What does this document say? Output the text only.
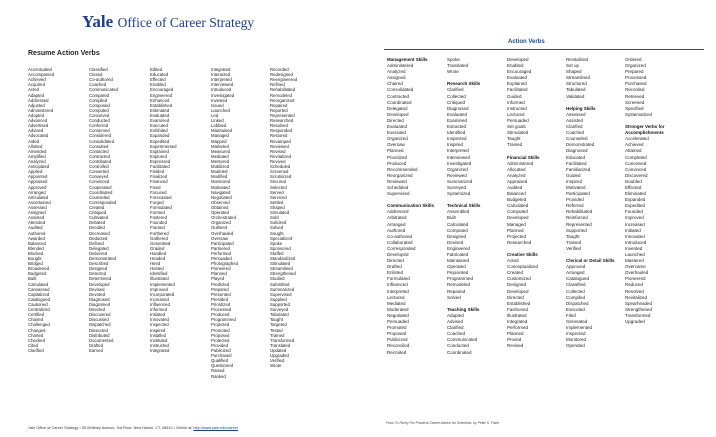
Yale Office of Career Strategy
Resume Action Verbs
Accentuated
Accompanied
Achieved
Acquired
Acted
Adapted
Addressed
Adjusted
Administered
Adopted
Advanced
Advertised
Advised
Advocated
Aided
Allotted
Amended
Amplified
Analyzed
Anticipated
Applied
Appointed
Appraised
Approved
Arranged
Articulated
Ascertained
Assessed
Assigned
Assisted
Attended
Audited
Authored
Awarded
Balanced
Blended
Blocked
Bought
Bridged
Broadened
Budgeted
Built
Calculated
Canvassed
Capitalized
Catalogued
Cautioned
Centralized
Certified
Chaired
Challenged
Changed
Charted
Checked
Cited
Clarified
Classified
Closed
Co-authored
Coached
Communicated
Compared
Compiled
Composed
Computed
Conceived
Conducted
Conferred
Conserved
Considered
Consolidated
Consulted
Contacted
Contracted
Contributed
Controlled
Converted
Conveyed
Convinced
Cooperated
Coordinated
Counseled
Corresponded
Created
Critiqued
Cultivated
Debated
Decided
Decreased
Deducted
Defined
Delegated
Delivered
Demonstrated
Described
Designed
Detected
Determined
Developed
Devised
Devoted
Diagnosed
Diagramed
Directed
Discovered
Discussed
Dispatched
Dissected
Distributed
Documented
Drafted
Earned
Edited
Educated
Effected
Enabled
Encouraged
Engineered
Enhanced
Established
Estimated
Evaluated
Examined
Executed
Exhibited
Expanded
Expedited
Experimented
Explained
Explored
Expressed
Facilitated
Fielded
Finalized
Financed
Fixed
Focused
Forecasted
Forged
Formulated
Formed
Fostered
Founded
Framed
Furthered
Gathered
Generated
Graded
Handled
Headed
Hired
Hosted
Identified
Illustrated
Implemented
Improved
Incorporated
Increased
Influenced
Informed
Initiated
Innovated
Inspected
Inspired
Installed
Instituted
Instructed
Integrated
Integrated
Interacted
Interpreted
Interviewed
Introduced
Investigated
Invested
Issued
Launched
Led
Linked
Lobbied
Maintained
Managed
Mapped
Marketed
Measured
Mediated
Mentored
Mobilized
Modeled
Modified
Monitored
Motivated
Navigated
Negotiated
Observed
Obtained
Operated
Orchestrated
Organized
Outlined
Overhauled
Oversaw
Participated
Partnered
Performed
Persuaded
Photographed
Pioneered
Planned
Played
Predicted
Prepared
Presented
Presided
Prioritized
Processed
Produced
Programmed
Projected
Promoted
Proposed
Protected
Provided
Publicized
Purchased
Qualified
Questioned
Raised
Ranked
Recorded
Redesigned
Reengineered
Refined
Rehabilitated
Remodeled
Reorganized
Repaired
Reported
Represented
Researched
Resolved
Responded
Restored
Revamped
Reviewed
Revised
Revitalized
Revived
Scheduled
Screened
Scrutinized
Secured
Selected
Served
Serviced
Settled
Shaped
Simulated
Sold
Solicited
Solved
Sought
Specialized
Spoke
Sponsored
Staffed
Standardized
Stimulated
Streamlined
Strengthened
Studied
Submitted
Summarized
Supervised
Supplied
Supported
Surveyed
Tabulated
Taught
Targeted
Tested
Trained
Transformed
Translated
Updated
Upgraded
Verified
Wrote
Yale Office of Career Strategy • 55 Whitney Avenue, 3rd Floor, New Haven, CT, 06510 • Online at: http://www.yale.edu/career
Action Verbs
Management Skills
Administered
Analyzed
Assigned
Chaired
Consolidated
Contracted
Coordinated
Delegated
Developed
Directed
Evaluated
Executed
Organized
Oversaw
Planned
Prioritized
Produced
Recommended
Reorganized
Reviewed
Scheduled
Supervised
Communication Skills
Addressed
Arbitrated
Arranged
Authored
Co-authored
Collaborated
Corresponded
Developed
Directed
Drafted
Enlisted
Formulated
Influenced
Interpreted
Lectured
Mediated
Moderated
Negotiated
Persuaded
Promoted
Proposed
Publicized
Reconciled
Recruited
Spoke
Translated
Wrote
Research Skills
Clarified
Collected
Critiqued
Diagnosed
Evaluated
Examined
Extracted
Identified
Inspected
Inspired
Interpreted
Interviewed
Investigated
Organized
Reviewed
Summarized
Surveyed
Systemized
Technical Skills
Assembled
Built
Calculated
Computed
Designed
Devised
Engineered
Fabricated
Maintained
Operated
Pinpointed
Programmed
Remodeled
Repaired
Solved
Teaching Skills
Adapted
Advised
Clarified
Coached
Communicated
Conducted
Coordinated
Developed
Enabled
Encouraged
Evaluated
Explained
Facilitated
Guided
Informed
Instructed
Lectured
Persuaded
Set goals
Stimulated
Taught
Trained
Financial Skills
Administered
Allocated
Analyzed
Appraised
Audited
Balanced
Budgeted
Calculated
Computed
Developed
Managed
Planned
Projected
Researched
Creative Skills
Acted
Conceptualized
Created
Customized
Designed
Developed
Directed
Established
Fashioned
Illustrated
Integrated
Performed
Planned
Proved
Revised
Revitalized
Set up
Shaped
Streamlined
Structured
Tabulated
Validated
Helping Skills
Assessed
Assisted
Clarified
Coached
Counseled
Demonstrated
Diagnosed
Educated
Facilitated
Familiarized
Guided
Inspired
Motivated
Participated
Provided
Referred
Rehabilitated
Reinforced
Represented
Supported
Taught
Trained
Verified
Clerical or Detail Skills
Approved
Arranged
Catalogued
Classified
Collected
Compiled
Dispatched
Executed
Filed
Generated
Implemented
Inspected
Monitored
Operated
Ordered
Organized
Prepared
Processed
Purchased
Recorded
Retrieved
Screened
Specified
Systematized
Stronger Verbs for Accomplishments
Accelerated
Achieved
Attained
Completed
Conceived
Convinced
Discovered
Doubled
Effected
Eliminated
Expanded
Expedited
Founded
Improved
Increased
Initiated
Innovated
Introduced
Invented
Launched
Mastered
Overcame
Overhauled
Pioneered
Reduced
Resolved
Revitalized
Spearheaded
Strengthened
Transformed
Upgraded
From To Richly For Practical Career Advice for Scientists, by Peter S. Fiske
